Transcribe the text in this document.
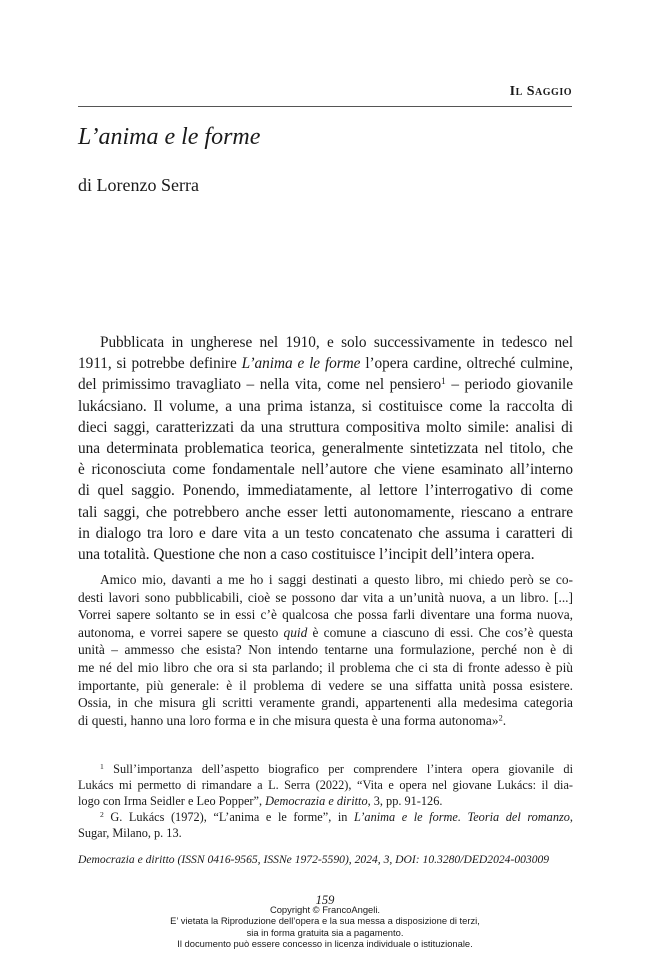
Il Saggio
L’anima e le forme
di Lorenzo Serra
Pubblicata in ungherese nel 1910, e solo successivamente in tedesco nel
1911, si potrebbe definire L’anima e le forme l’opera cardine, oltreché culmine,
del primissimo travagliato – nella vita, come nel pensiero$^1$ – periodo giovanile
lukácsiano. Il volume, a una prima istanza, si costituisce come la raccolta di
dieci saggi, caratterizzati da una struttura compositiva molto simile: analisi di
una determinata problematica teorica, generalmente sintetizzata nel titolo, che
è riconosciuta come fondamentale nell’autore che viene esaminato all’interno
di quel saggio. Ponendo, immediatamente, al lettore l’interrogativo di come
tali saggi, che potrebbero anche esser letti autonomamente, riescano a entrare
in dialogo tra loro e dare vita a un testo concatenato che assuma i caratteri di
una totalità. Questione che non a caso costituisce l’incipit dell’intera opera.
Amico mio, davanti a me ho i saggi destinati a questo libro, mi chiedo però se co-
desti lavori sono pubblicabili, cioè se possono dar vita a un’unità nuova, a un libro. [...]
Vorrei sapere soltanto se in essi c’è qualcosa che possa farli diventare una forma nuova,
autonoma, e vorrei sapere se questo quid è comune a ciascuno di essi. Che cos’è questa
unità – ammesso che esista? Non intendo tentarne una formulazione, perché non è di
me né del mio libro che ora si sta parlando; il problema che ci sta di fronte adesso è più
importante, più generale: è il problema di vedere se una siffatta unità possa esistere.
Ossia, in che misura gli scritti veramente grandi, appartenenti alla medesima categoria
di questi, hanno una loro forma e in che misura questa è una forma autonoma»$^2$.
$^1$ Sull’importanza dell’aspetto biografico per comprendere l’intera opera giovanile di
Lukács mi permetto di rimandare a L. Serra (2022), “Vita e opera nel giovane Lukács: il dia-
logo con Irma Seidler e Leo Popper”, Democrazia e diritto, 3, pp. 91-126.
$^2$ G. Lukács (1972), “L’anima e le forme”, in L’anima e le forme. Teoria del romanzo,
Sugar, Milano, p. 13.
Democrazia e diritto (ISSN 0416-9565, ISSNe 1972-5590), 2024, 3, DOI: 10.3280/DED2024-003009
159
Copyright © FrancoAngeli.
E’ vietata la Riproduzione dell’opera e la sua messa a disposizione di terzi,
sia in forma gratuita sia a pagamento.
Il documento può essere concesso in licenza individuale o istituzionale.
